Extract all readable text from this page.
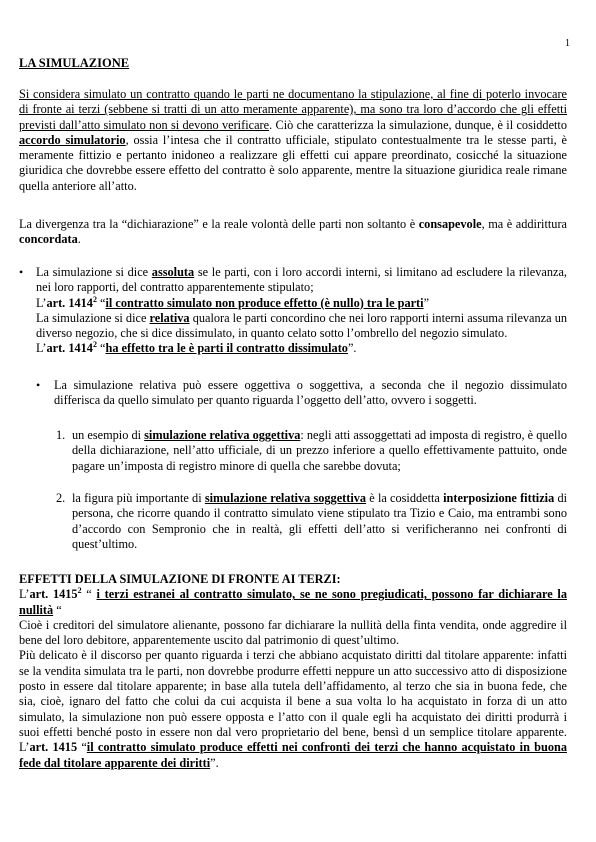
1
LA SIMULAZIONE

Si considera simulato un contratto quando le parti ne documentano la stipulazione, al fine di poterlo invocare di fronte ai terzi (sebbene si tratti di un atto meramente apparente), ma sono tra loro d’accordo che gli effetti previsti dall’atto simulato non si devono verificare. Ciò che caratterizza la simulazione, dunque, è il cosiddetto accordo simulatorio, ossia l’intesa che il contratto ufficiale, stipulato contestualmente tra le stesse parti, è meramente fittizio e pertanto inidoneo a realizzare gli effetti cui appare preordinato, cosicché la situazione giuridica che dovrebbe essere effetto del contratto è solo apparente, mentre la situazione giuridica reale rimane quella anteriore all’atto.

La divergenza tra la “dichiarazione” e la reale volontà delle parti non soltanto è consapevole, ma è addirittura concordata.

• La simulazione si dice assoluta se le parti, con i loro accordi interni, si limitano ad escludere la rilevanza, nei loro rapporti, del contratto apparentemente stipulato;

L’art. 1414$^2$ “il contratto simulato non produce effetto (è nullo) tra le parti”

La simulazione si dice relativa qualora le parti concordino che nei loro rapporti interni assuma rilevanza un diverso negozio, che si dice dissimulato, in quanto celato sotto l’ombrello del negozio simulato.

L’art. 1414$^2$ “ha effetto tra le è parti il contratto dissimulato”.

• La simulazione relativa può essere oggettiva o soggettiva, a seconda che il negozio dissimulato differisca da quello simulato per quanto riguarda l’oggetto dell’atto, ovvero i soggetti.

1. un esempio di simulazione relativa oggettiva: negli atti assoggettati ad imposta di registro, è quello della dichiarazione, nell’atto ufficiale, di un prezzo inferiore a quello effettivamente pattuito, onde pagare un’imposta di registro minore di quella che sarebbe dovuta;

2. la figura più importante di simulazione relativa soggettiva è la cosiddetta interposizione fittizia di persona, che ricorre quando il contratto simulato viene stipulato tra Tizio e Caio, ma entrambi sono d’accordo con Sempronio che in realtà, gli effetti dell’atto si verificheranno nei confronti di quest’ultimo.

EFFETTI DELLA SIMULAZIONE DI FRONTE AI TERZI:

L’art. 1415$^2$ “ i terzi estranei al contratto simulato, se ne sono pregiudicati, possono far dichiarare la nullità “

Cioè i creditori del simulatore alienante, possono far dichiarare la nullità della finta vendita, onde aggredire il bene del loro debitore, apparentemente uscito dal patrimonio di quest’ultimo.

Più delicato è il discorso per quanto riguarda i terzi che abbiano acquistato diritti dal titolare apparente: infatti se la vendita simulata tra le parti, non dovrebbe produrre effetti neppure un atto successivo atto di disposizione posto in essere dal titolare apparente; in base alla tutela dell’affidamento, al terzo che sia in buona fede, che sia, cioè, ignaro del fatto che colui da cui acquista il bene a sua volta lo ha acquistato in forza di un atto simulato, la simulazione non può essere opposta e l’atto con il quale egli ha acquistato dei diritti produrrà i suoi effetti benché posto in essere non dal vero proprietario del bene, bensì d un semplice titolare apparente. L’art. 1415 “il contratto simulato produce effetti nei confronti dei terzi che hanno acquistato in buona fede dal titolare apparente dei diritti”.
